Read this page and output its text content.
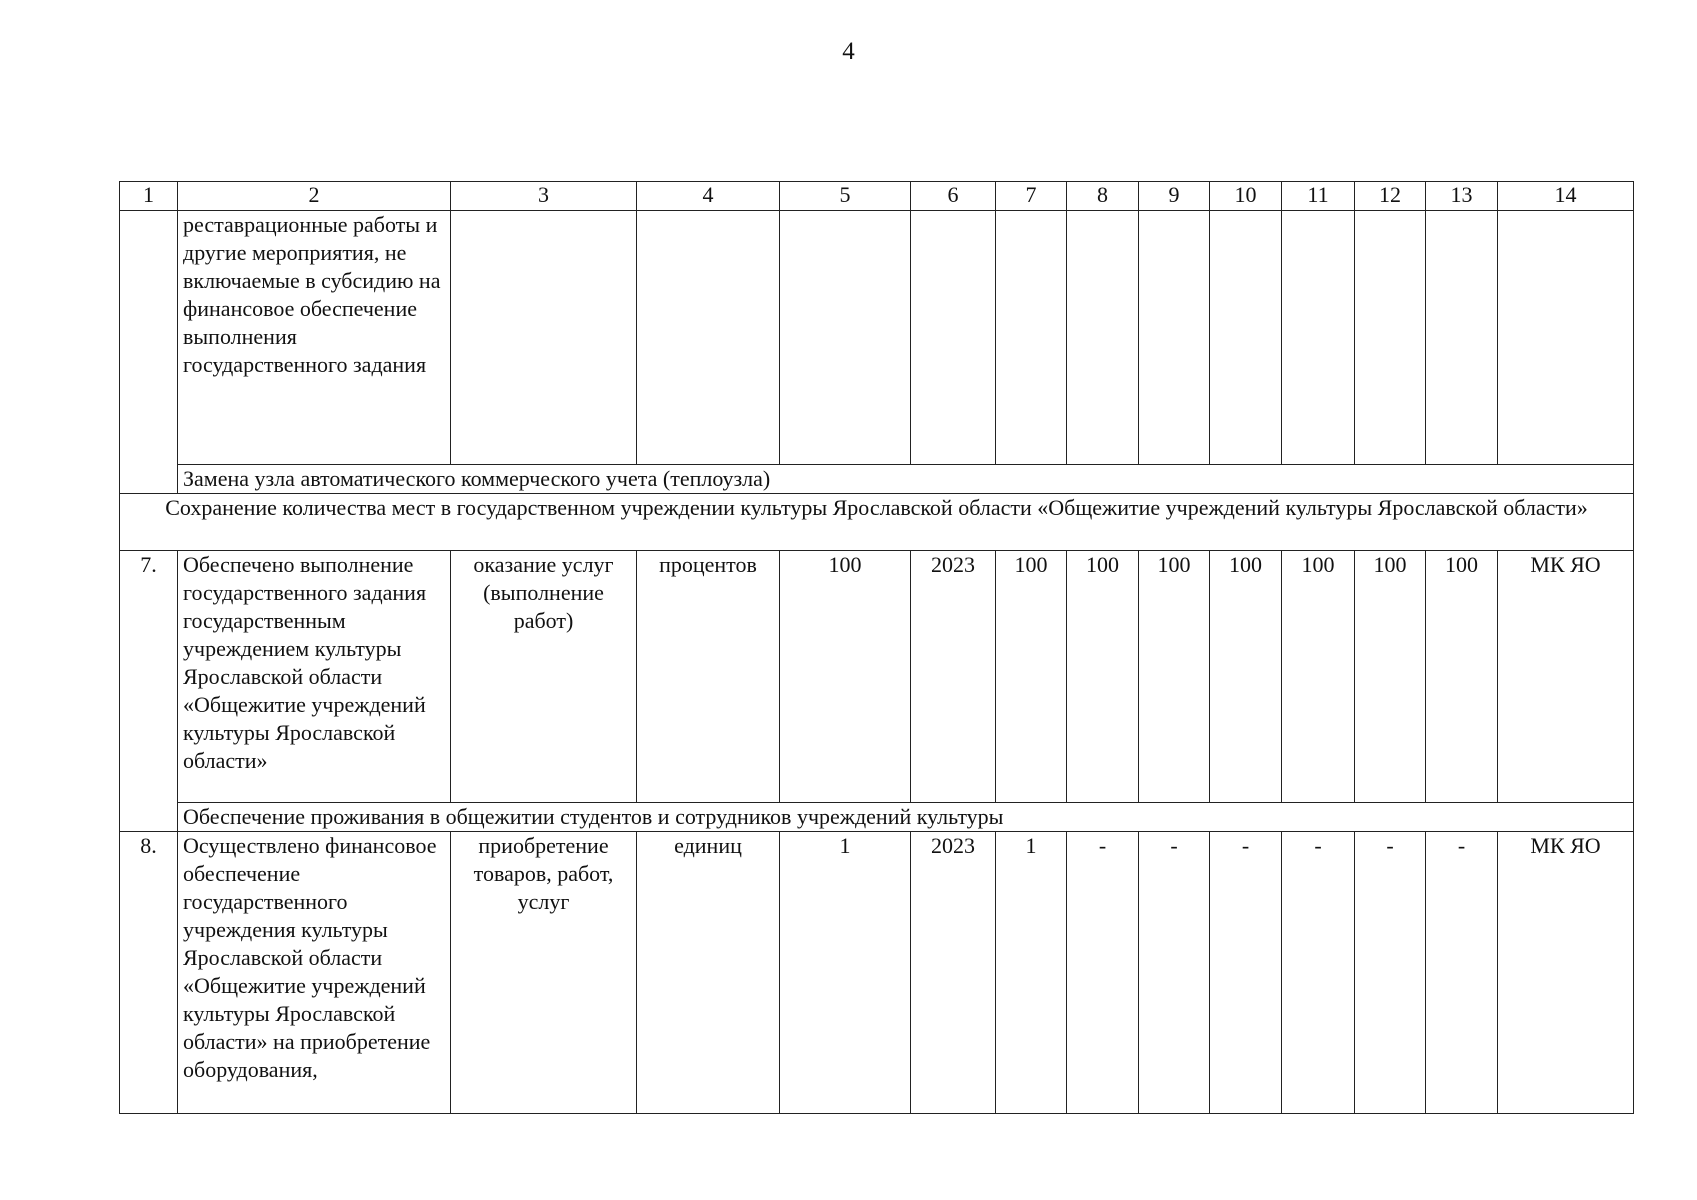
4
1	2	3	4	5	6	7	8	9	10	11	12	13	14
	реставрационные работы и другие мероприятия, не включаемые в субсидию на финансовое обеспечение выполнения государственного задания												
	Замена узла автоматического коммерческого учета (теплоузла)												
Сохранение количества мест в государственном учреждении культуры Ярославской области «Общежитие учреждений культуры Ярославской области»													
7.	Обеспечено выполнение государственного задания государственным учреждением культуры Ярославской области «Общежитие учреждений культуры Ярославской области»	оказание услуг (выполнение работ)	процентов	100	2023	100	100	100	100	100	100	100	МК ЯО
	Обеспечение проживания в общежитии студентов и сотрудников учреждений культуры												
8.	Осуществлено финансовое обеспечение государственного учреждения культуры Ярославской области «Общежитие учреждений культуры Ярославской области» на приобретение оборудования,	приобретение товаров, работ, услуг	единиц	1	2023	1	-	-	-	-	-	-	МК ЯО
